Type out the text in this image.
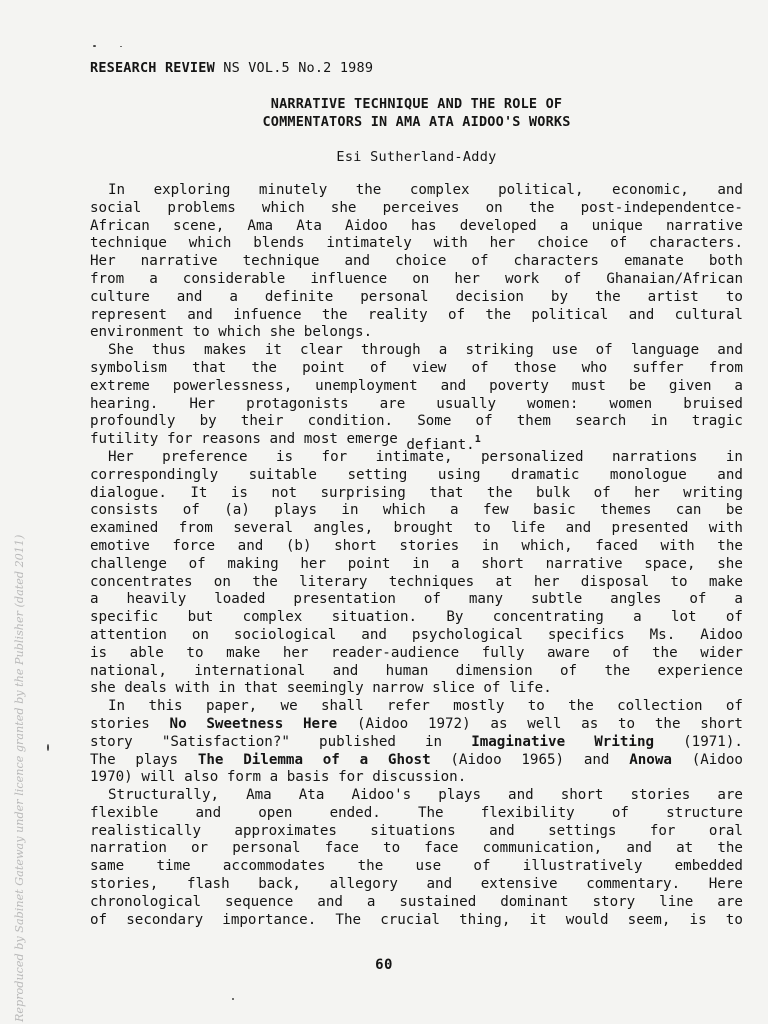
RESEARCH REVIEW NS VOL.5 No.2 1989
NARRATIVE TECHNIQUE AND THE ROLE OF
COMMENTATORS IN AMA ATA AIDOO'S WORKS
Esi Sutherland-Addy
In exploring minutely the complex political, economic, and
social problems which she perceives on the post-independentce-
African scene, Ama Ata Aidoo has developed a unique narrative
technique which blends intimately with her choice of characters.
Her narrative technique and choice of characters emanate both
from a considerable influence on her work of Ghanaian/African
culture and a definite personal decision by the artist to
represent and infuence the reality of the political and cultural
environment to which she belongs.
She thus makes it clear through a striking use of language and
symbolism that the point of view of those who suffer from
extreme powerlessness, unemployment and poverty must be given a
hearing. Her protagonists are usually women: women bruised
profoundly by their condition. Some of them search in tragic
futility for reasons and most emerge defiant.$^1$
Her preference is for intimate, personalized narrations in
correspondingly suitable setting using dramatic monologue and
dialogue. It is not surprising that the bulk of her writing
consists of (a) plays in which a few basic themes can be
examined from several angles, brought to life and presented with
emotive force and (b) short stories in which, faced with the
challenge of making her point in a short narrative space, she
concentrates on the literary techniques at her disposal to make
a heavily loaded presentation of many subtle angles of a
specific but complex situation. By concentrating a lot of
attention on sociological and psychological specifics Ms. Aidoo
is able to make her reader-audience fully aware of the wider
national, international and human dimension of the experience
she deals with in that seemingly narrow slice of life.
In this paper, we shall refer mostly to the collection of
stories No Sweetness Here (Aidoo 1972) as well as to the short
story "Satisfaction?" published in Imaginative Writing (1971).
The plays The Dilemma of a Ghost (Aidoo 1965) and Anowa (Aidoo
1970) will also form a basis for discussion.
Structurally, Ama Ata Aidoo's plays and short stories are
flexible	and	open	ended.	The	flexibility	of	structure
realistically approximates situations and settings for oral
narration or personal face to face communication, and at the
same time accommodates the use of illustratively embedded
stories, flash back, allegory and extensive commentary. Here
chronological sequence and a sustained dominant story line are
of secondary importance. The crucial thing, it would seem, is to
60
Reproduced by Sabinet Gateway under licence granted by the Publisher (dated 2011)
